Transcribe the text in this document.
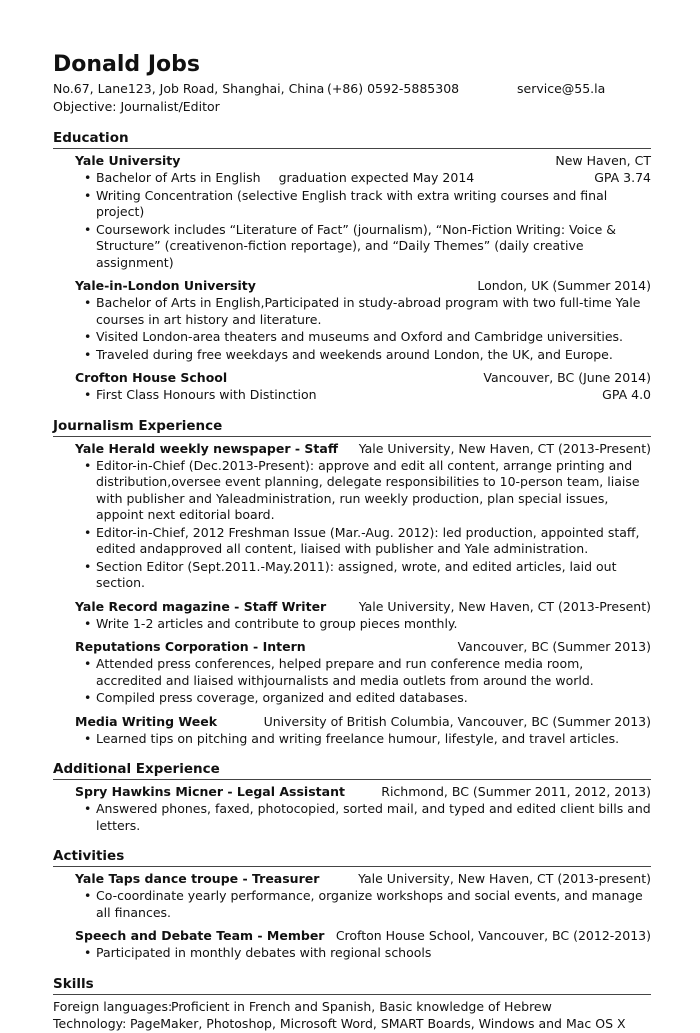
Donald Jobs
No.67, Lane123, Job Road, Shanghai, China (+86) 0592-5885308	service@55.la
Objective: Journalist/Editor
Education
Yale University	New Haven, CT
• Bachelor of Arts in English graduation expected May 2014	GPA 3.74
• Writing Concentration (selective English track with extra writing courses and final project)
• Coursework includes “Literature of Fact” (journalism), “Non-Fiction Writing: Voice & Structure” (creativenon-fiction reportage), and “Daily Themes” (daily creative assignment)
Yale-in-London University	London, UK (Summer 2014)
• Bachelor of Arts in English,Participated in study-abroad program with two full-time Yale courses in art history and literature.
• Visited London-area theaters and museums and Oxford and Cambridge universities.
• Traveled during free weekdays and weekends around London, the UK, and Europe.
Crofton House School	Vancouver, BC (June 2014)
• First Class Honours with Distinction	GPA 4.0
Journalism Experience
Yale Herald weekly newspaper - Staff Yale University, New Haven, CT (2013-Present)
• Editor-in-Chief (Dec.2013-Present): approve and edit all content, arrange printing and distribution,oversee event planning, delegate responsibilities to 10-person team, liaise with publisher and Yaleadministration, run weekly production, plan special issues, appoint next editorial board.
• Editor-in-Chief, 2012 Freshman Issue (Mar.-Aug. 2012): led production, appointed staff, edited andapproved all content, liaised with publisher and Yale administration.
• Section Editor (Sept.2011.-May.2011): assigned, wrote, and edited articles, laid out section.
Yale Record magazine - Staff Writer	Yale University, New Haven, CT (2013-Present)
• Write 1-2 articles and contribute to group pieces monthly.
Reputations Corporation - Intern	Vancouver, BC (Summer 2013)
• Attended press conferences, helped prepare and run conference media room, accredited and liaised withjournalists and media outlets from around the world.
• Compiled press coverage, organized and edited databases.
Media Writing Week	University of British Columbia, Vancouver, BC (Summer 2013)
• Learned tips on pitching and writing freelance humour, lifestyle, and travel articles.
Additional Experience
Spry Hawkins Micner - Legal Assistant	Richmond, BC (Summer 2011, 2012, 2013)
• Answered phones, faxed, photocopied, sorted mail, and typed and edited client bills and letters.
Activities
Yale Taps dance troupe - Treasurer	Yale University, New Haven, CT (2013-present)
• Co-coordinate yearly performance, organize workshops and social events, and manage all finances.
Speech and Debate Team - Member Crofton House School, Vancouver, BC (2012-2013)
• Participated in monthly debates with regional schools
Skills
Foreign languages:Proficient in French and Spanish, Basic knowledge of Hebrew
Technology: PageMaker, Photoshop, Microsoft Word, SMART Boards, Windows and Mac OS X
